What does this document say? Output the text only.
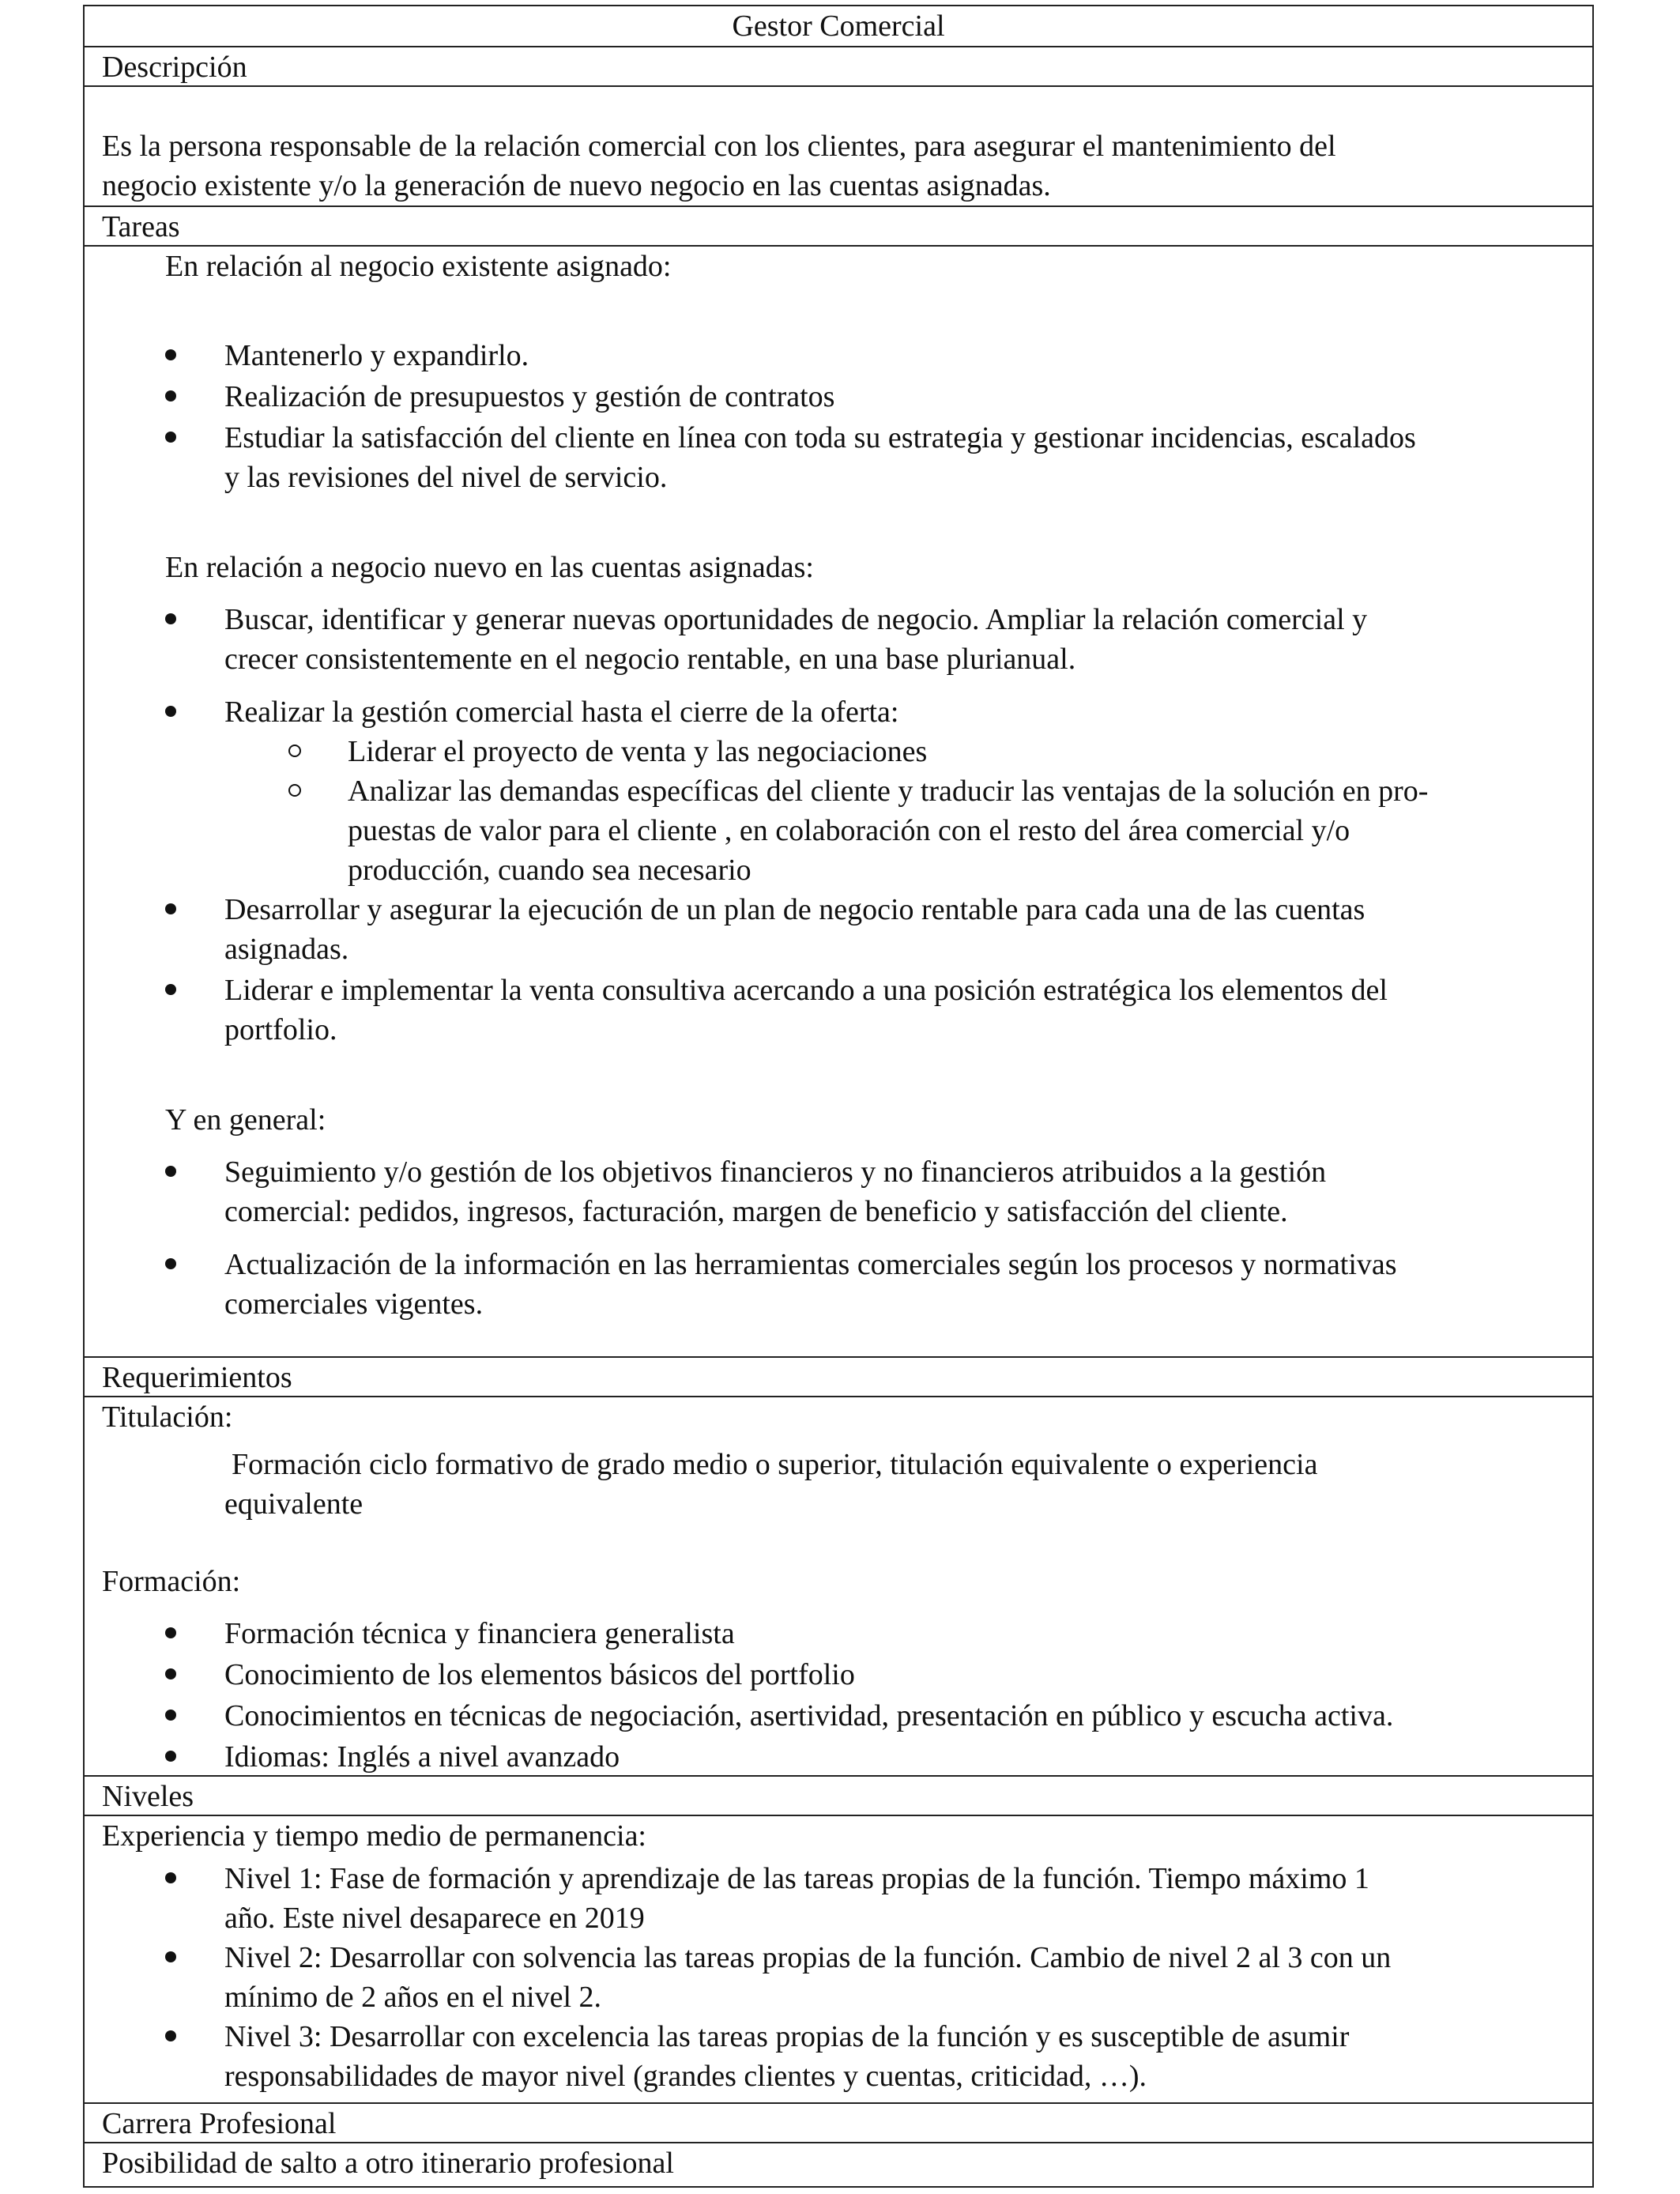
Gestor Comercial
Descripción
Es la persona responsable de la relación comercial con los clientes, para asegurar el mantenimiento del
negocio existente y/o la generación de nuevo negocio en las cuentas asignadas.
Tareas
En relación al negocio existente asignado:
Mantenerlo y expandirlo.
Realización de presupuestos y gestión de contratos
Estudiar la satisfacción del cliente en línea con toda su estrategia y gestionar incidencias, escalados
y las revisiones del nivel de servicio.
En relación a negocio nuevo en las cuentas asignadas:
Buscar, identificar y generar nuevas oportunidades de negocio. Ampliar la relación comercial y
crecer consistentemente en el negocio rentable, en una base plurianual.
Realizar la gestión comercial hasta el cierre de la oferta:
Liderar el proyecto de venta y las negociaciones
Analizar las demandas específicas del cliente y traducir las ventajas de la solución en pro-
puestas de valor para el cliente , en colaboración con el resto del área comercial y/o
producción, cuando sea necesario
Desarrollar y asegurar la ejecución de un plan de negocio rentable para cada una de las cuentas
asignadas.
Liderar e implementar la venta consultiva acercando a una posición estratégica los elementos del
portfolio.
Y en general:
Seguimiento y/o gestión de los objetivos financieros y no financieros atribuidos a la gestión
comercial: pedidos, ingresos, facturación, margen de beneficio y satisfacción del cliente.
Actualización de la información en las herramientas comerciales según los procesos y normativas
comerciales vigentes.
Requerimientos
Titulación:
Formación ciclo formativo de grado medio o superior, titulación equivalente o experiencia
equivalente
Formación:
Formación técnica y financiera generalista
Conocimiento de los elementos básicos del portfolio
Conocimientos en técnicas de negociación, asertividad, presentación en público y escucha activa.
Idiomas: Inglés a nivel avanzado
Niveles
Experiencia y tiempo medio de permanencia:
Nivel 1: Fase de formación y aprendizaje de las tareas propias de la función. Tiempo máximo 1
año. Este nivel desaparece en 2019
Nivel 2: Desarrollar con solvencia las tareas propias de la función. Cambio de nivel 2 al 3 con un
mínimo de 2 años en el nivel 2.
Nivel 3: Desarrollar con excelencia las tareas propias de la función y es susceptible de asumir
responsabilidades de mayor nivel (grandes clientes y cuentas, criticidad, …).
Carrera Profesional
Posibilidad de salto a otro itinerario profesional
